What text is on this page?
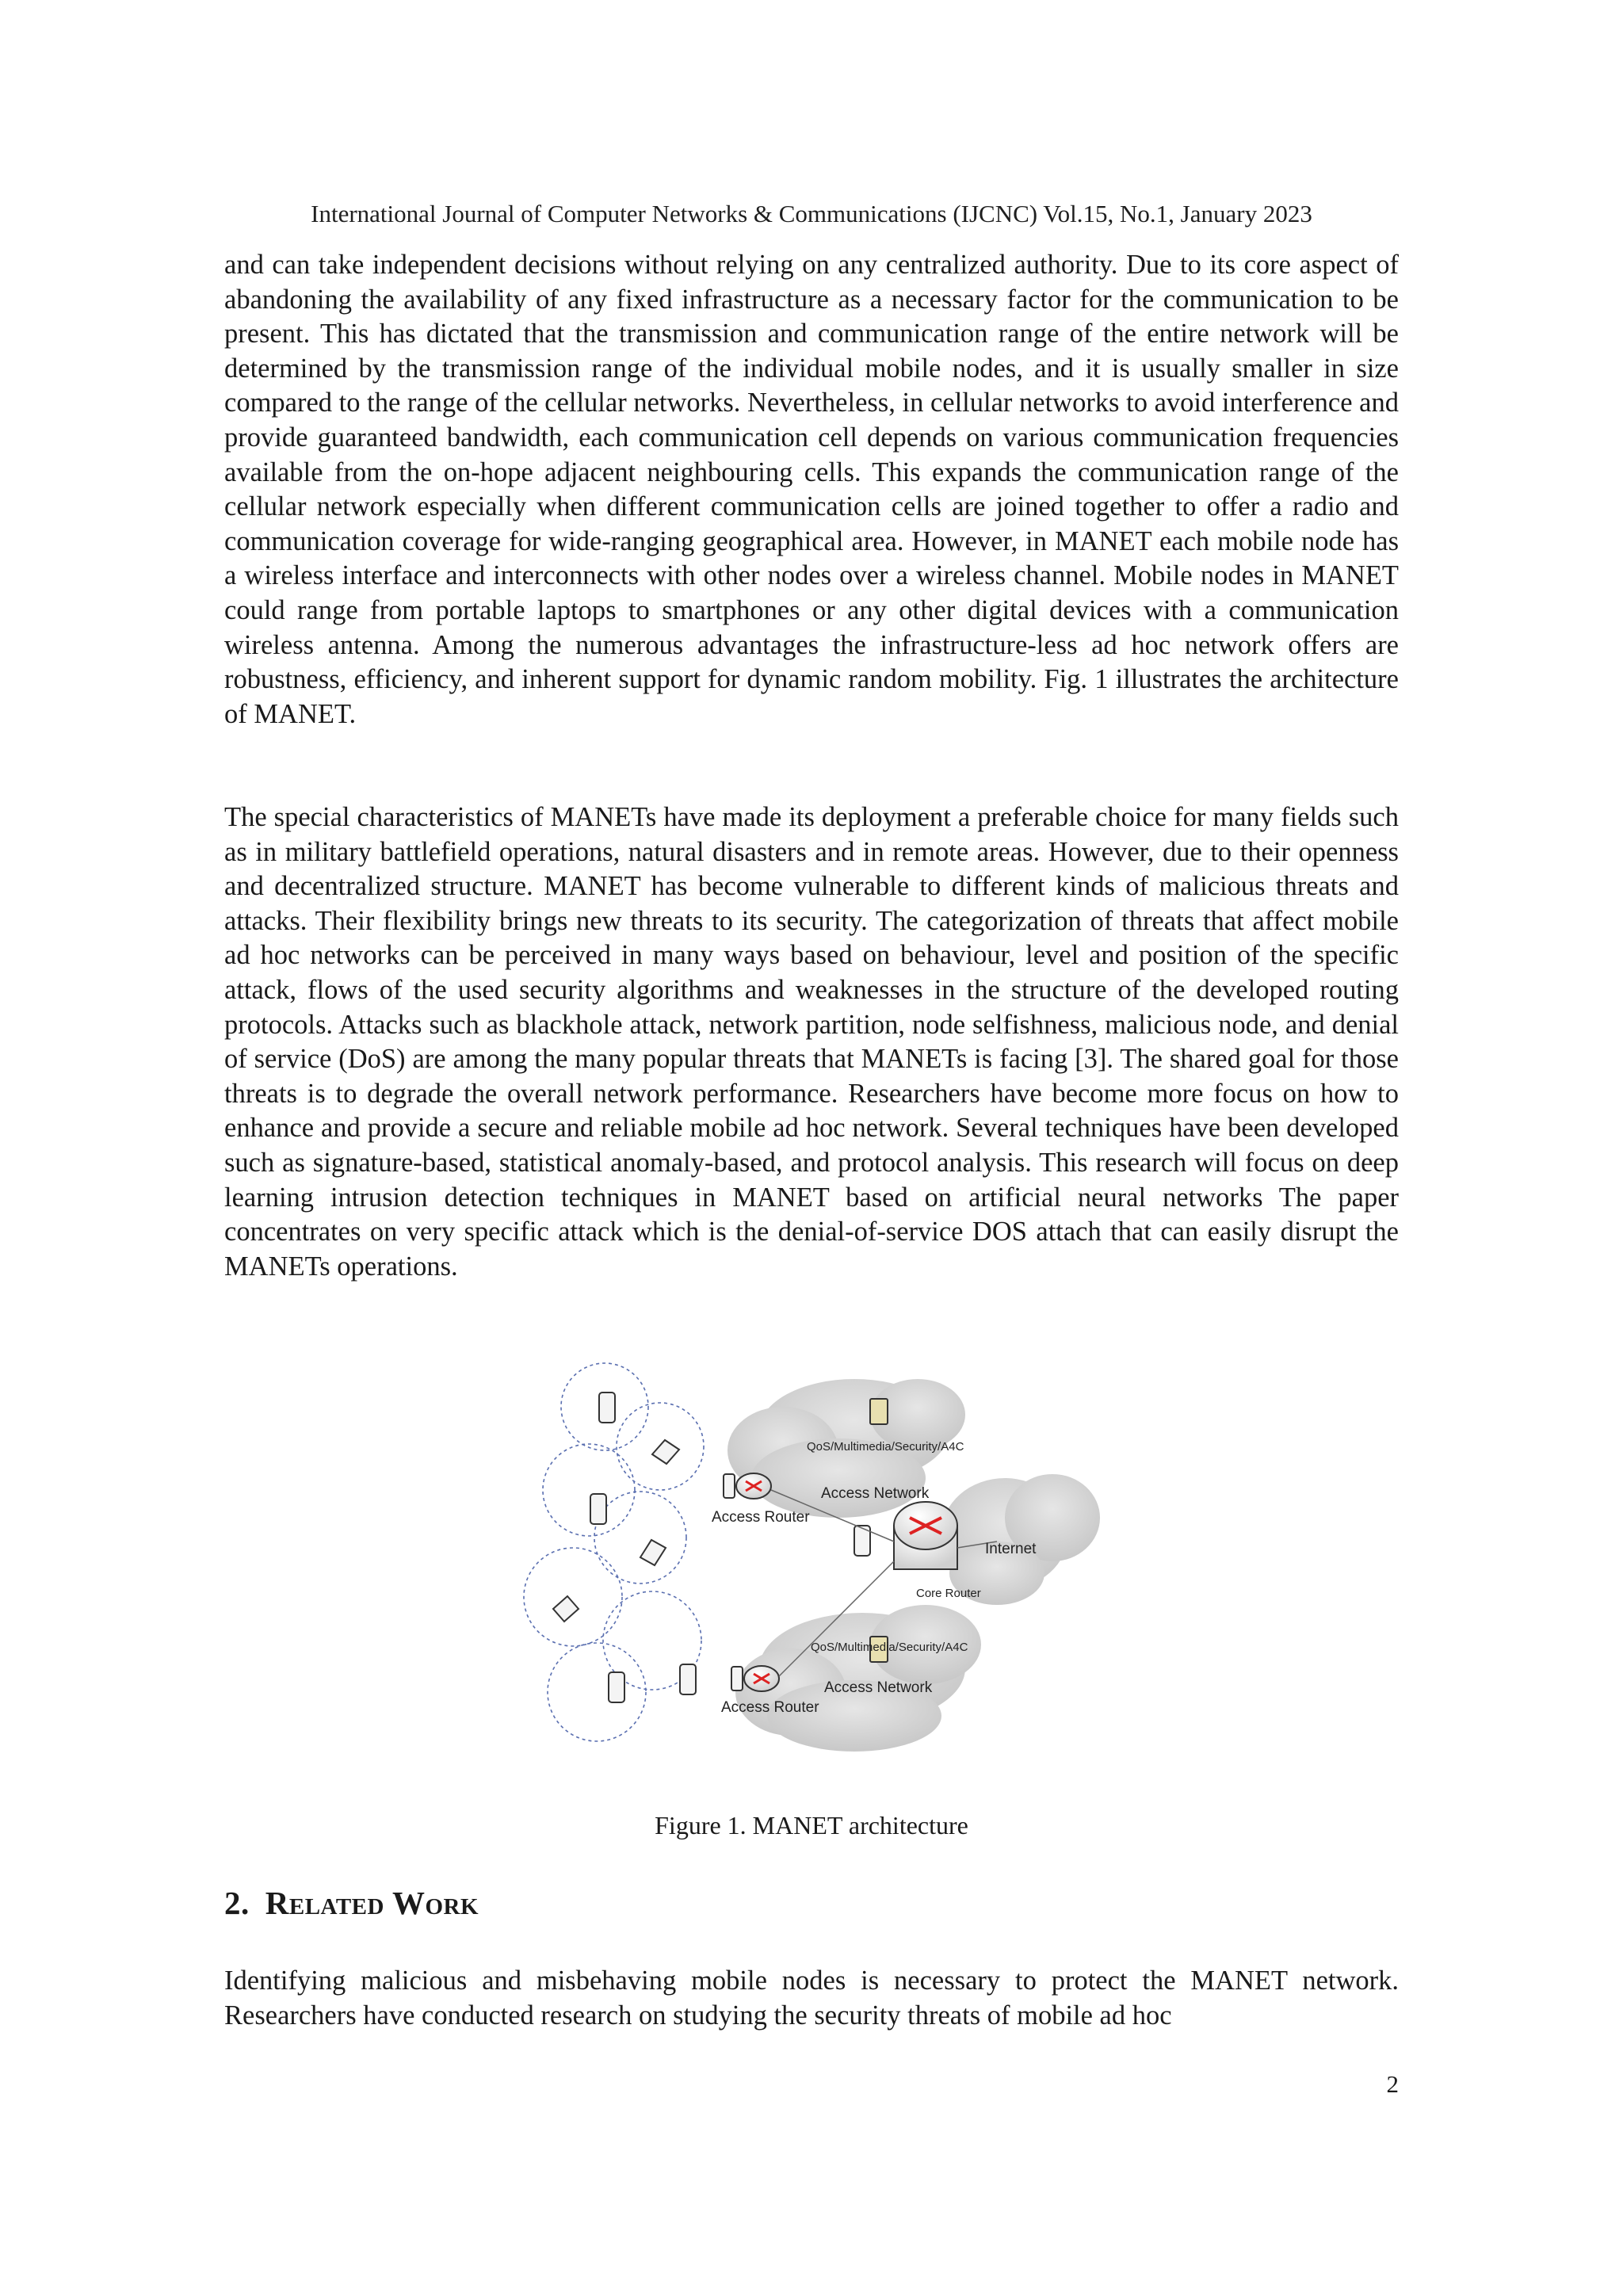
International Journal of Computer Networks & Communications (IJCNC) Vol.15, No.1, January 2023

and can take independent decisions without relying on any centralized authority. Due to its core aspect of abandoning the availability of any fixed infrastructure as a necessary factor for the communication to be present. This has dictated that the transmission and communication range of the entire network will be determined by the transmission range of the individual mobile nodes, and it is usually smaller in size compared to the range of the cellular networks. Nevertheless, in cellular networks to avoid interference and provide guaranteed bandwidth, each communication cell depends on various communication frequencies available from the on-hope adjacent neighbouring cells. This expands the communication range of the cellular network especially when different communication cells are joined together to offer a radio and communication coverage for wide-ranging geographical area. However, in MANET each mobile node has a wireless interface and interconnects with other nodes over a wireless channel. Mobile nodes in MANET could range from portable laptops to smartphones or any other digital devices with a communication wireless antenna. Among the numerous advantages the infrastructure-less ad hoc network offers are robustness, efficiency, and inherent support for dynamic random mobility. Fig. 1 illustrates the architecture of MANET.

The special characteristics of MANETs have made its deployment a preferable choice for many fields such as in military battlefield operations, natural disasters and in remote areas. However, due to their openness and decentralized structure. MANET has become vulnerable to different kinds of malicious threats and attacks. Their flexibility brings new threats to its security. The categorization of threats that affect mobile ad hoc networks can be perceived in many ways based on behaviour, level and position of the specific attack, flows of the used security algorithms and weaknesses in the structure of the developed routing protocols. Attacks such as blackhole attack, network partition, node selfishness, malicious node, and denial of service (DoS) are among the many popular threats that MANETs is facing [3]. The shared goal for those threats is to degrade the overall network performance. Researchers have become more focus on how to enhance and provide a secure and reliable mobile ad hoc network. Several techniques have been developed such as signature-based, statistical anomaly-based, and protocol analysis. This research will focus on deep learning intrusion detection techniques in MANET based on artificial neural networks The paper concentrates on very specific attack which is the denial-of-service DOS attach that can easily disrupt the MANETs operations.

QoS/Multimedia/Security/A4C
Access Network
Access Router
Internet
Core Router
QoS/Multimedia/Security/A4C
Access Network
Access Router
Figure 1. MANET architecture
2. Related Work

Identifying malicious and misbehaving mobile nodes is necessary to protect the MANET network. Researchers have conducted research on studying the security threats of mobile ad hoc

2
